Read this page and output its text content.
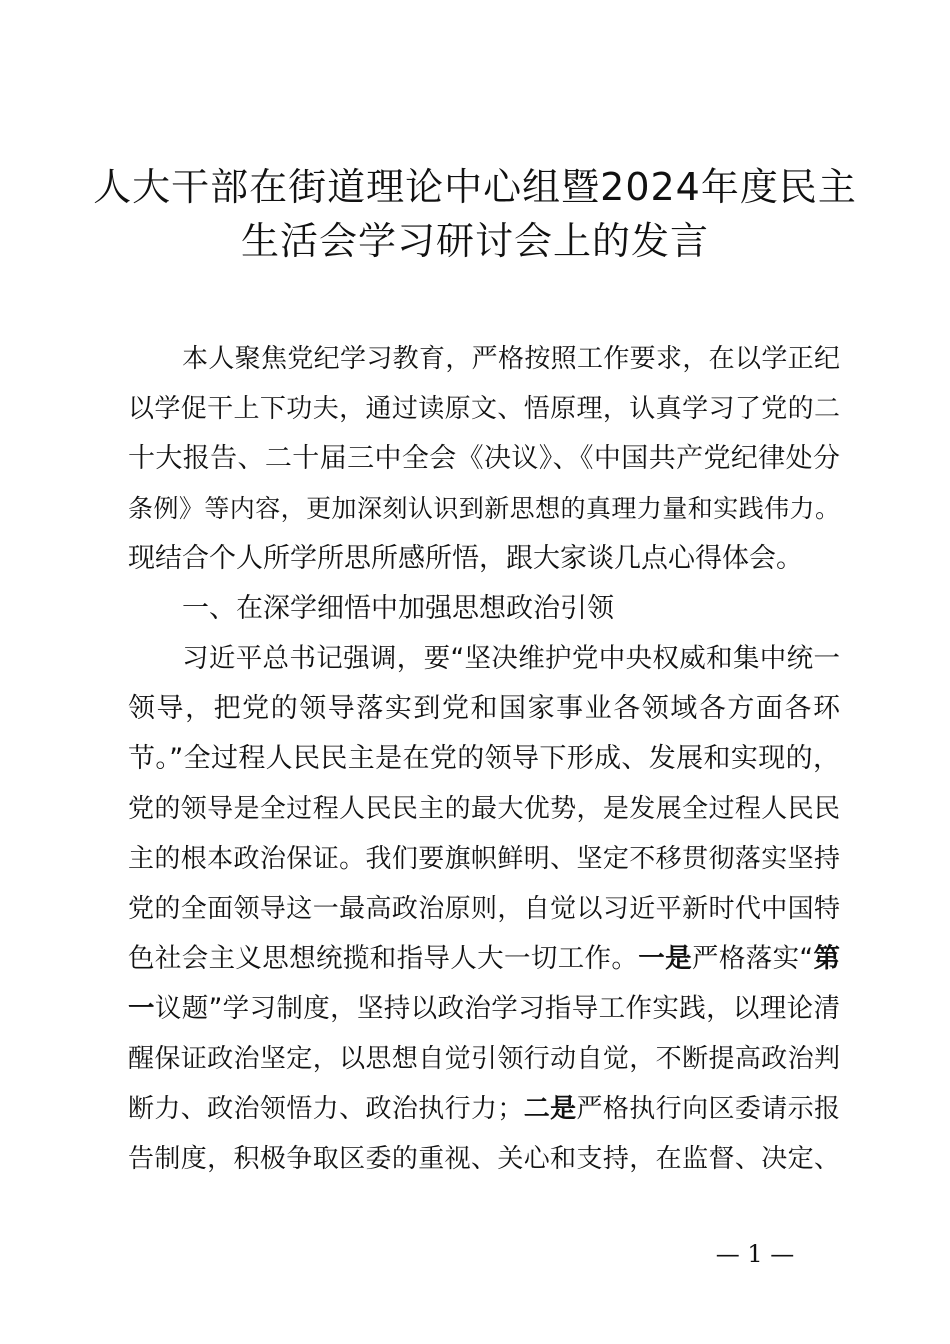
人大干部在街道理论中心组暨2024年度民主
生活会学习研讨会上的发言
本人聚焦党纪学习教育，严格按照工作要求，在以学正纪
以学促干上下功夫，通过读原文、悟原理，认真学习了党的二
十大报告、二十届三中全会《决议》、《中国共产党纪律处分
条例》等内容，更加深刻认识到新思想的真理力量和实践伟力。
现结合个人所学所思所感所悟，跟大家谈几点心得体会。
一、在深学细悟中加强思想政治引领
习近平总书记强调，要“坚决维护党中央权威和集中统一
领导，把党的领导落实到党和国家事业各领域各方面各环
节。”全过程人民民主是在党的领导下形成、发展和实现的，
党的领导是全过程人民民主的最大优势，是发展全过程人民民
主的根本政治保证。我们要旗帜鲜明、坚定不移贯彻落实坚持
党的全面领导这一最高政治原则，自觉以习近平新时代中国特
色社会主义思想统揽和指导人大一切工作。一是严格落实“第
一议题”学习制度，坚持以政治学习指导工作实践，以理论清
醒保证政治坚定，以思想自觉引领行动自觉，不断提高政治判
断力、政治领悟力、政治执行力；二是严格执行向区委请示报
告制度，积极争取区委的重视、关心和支持，在监督、决定、
— 1 —
